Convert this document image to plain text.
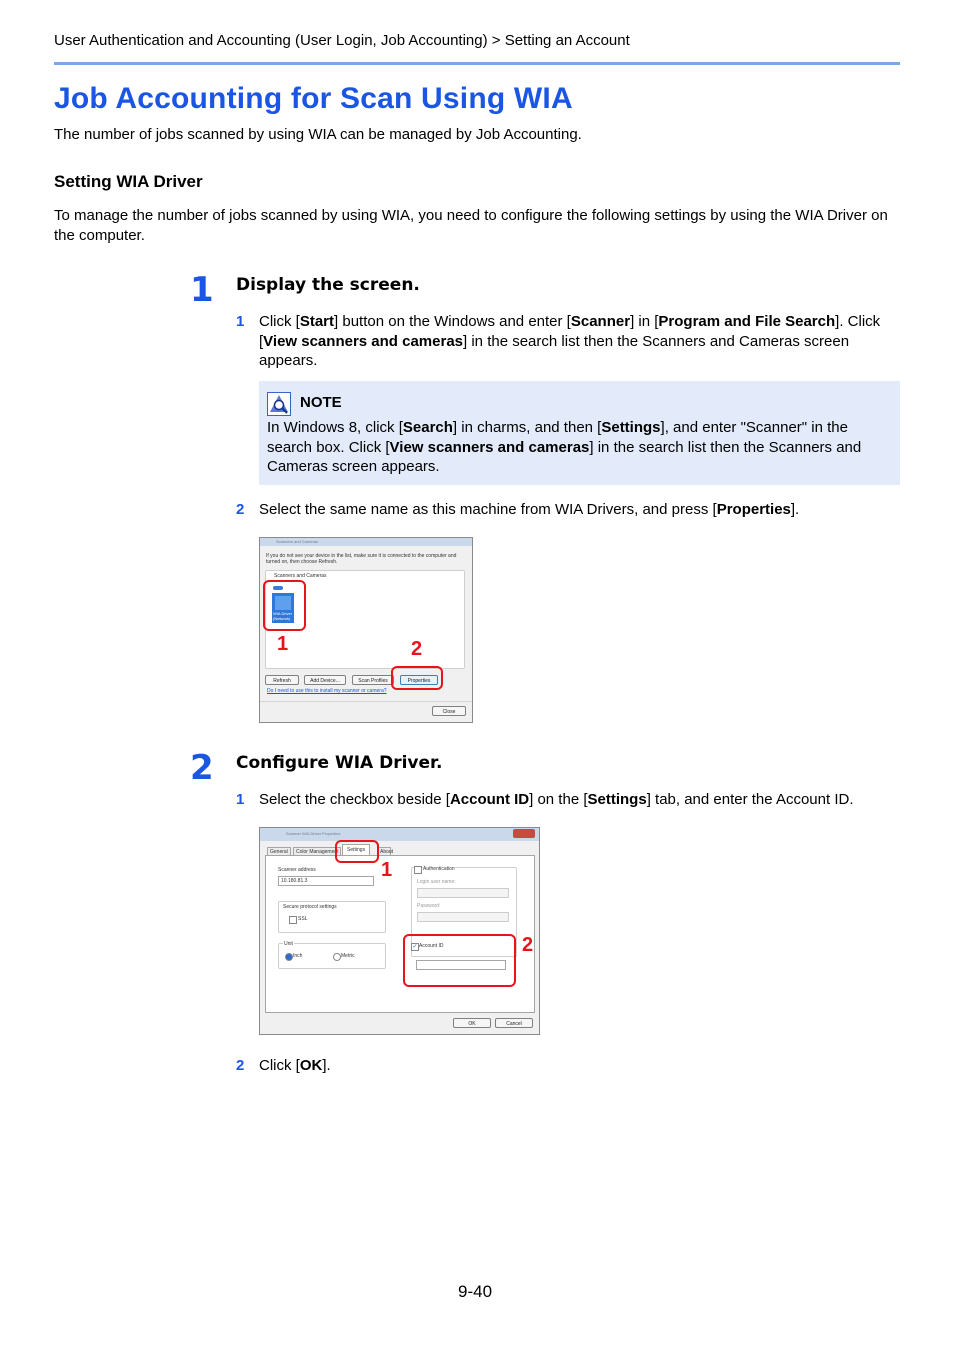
User Authentication and Accounting (User Login, Job Accounting) > Setting an Account
Job Accounting for Scan Using WIA
The number of jobs scanned by using WIA can be managed by Job Accounting.
Setting WIA Driver
To manage the number of jobs scanned by using WIA, you need to configure the following settings by using the WIA Driver on the computer.
1 Display the screen.
1 Click [Start] button on the Windows and enter [Scanner] in [Program and File Search]. Click [View scanners and cameras] in the search list then the Scanners and Cameras screen appears.
NOTE
In Windows 8, click [Search] in charms, and then [Settings], and enter "Scanner" in the search box. Click [View scanners and cameras] in the search list then the Scanners and Cameras screen appears.
2 Select the same name as this machine from WIA Drivers, and press [Properties].
Scanners and Cameras
If you do not see your device in the list, make sure it is connected to the computer and turned on, then choose Refresh.
Scanners and Cameras
WIA Driver (Network)
Refresh	Add Device...	Scan Profiles	Properties
Do I need to use this to install my scanner or camera?
Close
1	2
2 Configure WIA Driver.
1 Select the checkbox beside [Account ID] on the [Settings] tab, and enter the Account ID.
Scanner WIA Driver Properties
General	Color Management	Settings	About
Scanner address
10.180.81.3
Secure protocol settings
SSL
Unit
Inch	Metric
Authentication
Login user name:
Password:
✓ Account ID
OK	Cancel
1
2
2 Click [OK].
9-40
